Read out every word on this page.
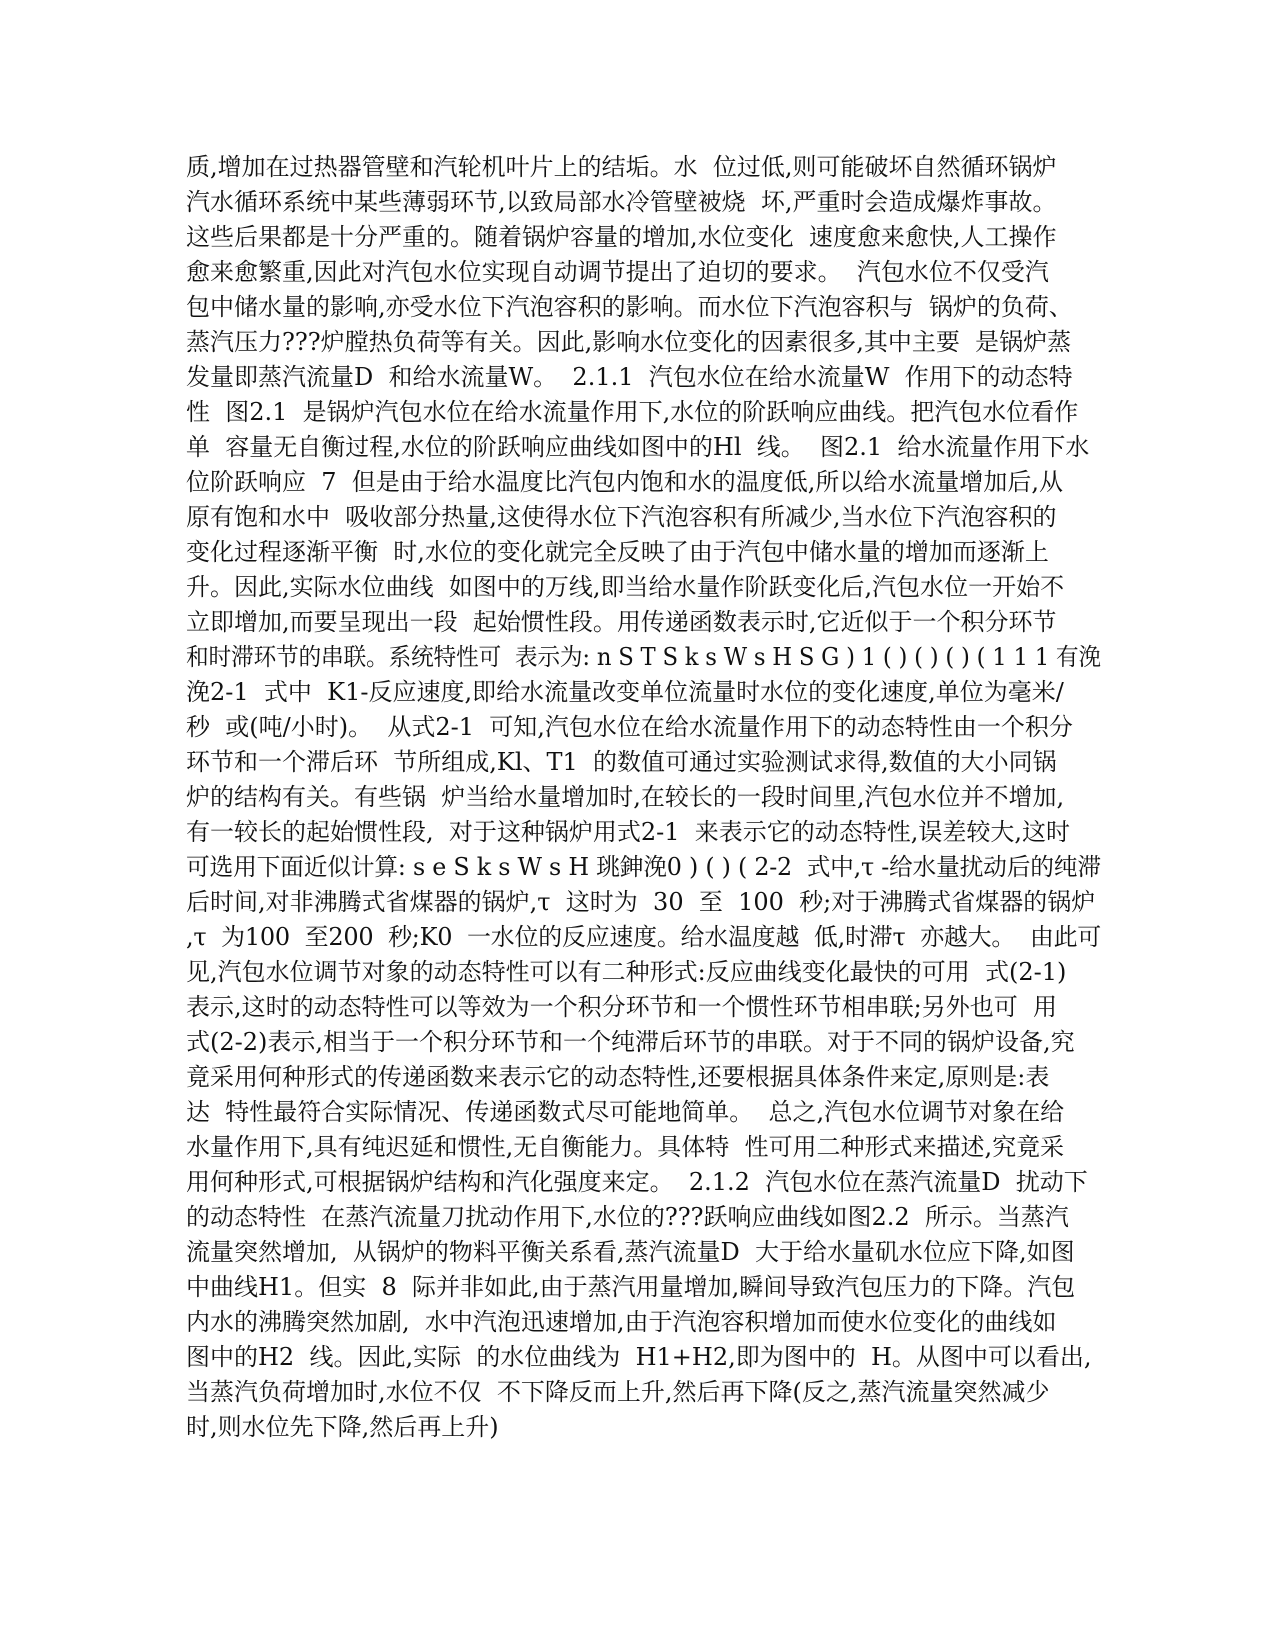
质,增加在过热器管壁和汽轮机叶片上的结垢。水  位过低,则可能破坏自然循环锅炉
汽水循环系统中某些薄弱环节,以致局部水冷管壁被烧  坏,严重时会造成爆炸事故。
这些后果都是十分严重的。随着锅炉容量的增加,水位变化  速度愈来愈快,人工操作
愈来愈繁重,因此对汽包水位实现自动调节提出了迫切的要求。  汽包水位不仅受汽
包中储水量的影响,亦受水位下汽泡容积的影响。而水位下汽泡容积与  锅炉的负荷、
蒸汽压力???炉膛热负荷等有关。因此,影响水位变化的因素很多,其中主要  是锅炉蒸
发量即蒸汽流量D  和给水流量W。  2.1.1  汽包水位在给水流量W  作用下的动态特
性  图2.1  是锅炉汽包水位在给水流量作用下,水位的阶跃响应曲线。把汽包水位看作
单  容量无自衡过程,水位的阶跃响应曲线如图中的Hl  线。  图2.1  给水流量作用下水
位阶跃响应  7  但是由于给水温度比汽包内饱和水的温度低,所以给水流量增加后,从
原有饱和水中  吸收部分热量,这使得水位下汽泡容积有所减少,当水位下汽泡容积的
变化过程逐渐平衡  时,水位的变化就完全反映了由于汽包中储水量的增加而逐渐上
升。因此,实际水位曲线  如图中的万线,即当给水量作阶跃变化后,汽包水位一开始不
立即增加,而要呈现出一段  起始惯性段。用传递函数表示时,它近似于一个积分环节
和时滞环节的串联。系统特性可  表示为: n S T S k s W s H S G ) 1 ( ) ( ) ( ) ( 1 1 1 有浼
浼2-1  式中  K1-反应速度,即给水流量改变单位流量时水位的变化速度,单位为毫米/
秒  或(吨/小时)。  从式2-1  可知,汽包水位在给水流量作用下的动态特性由一个积分
环节和一个滞后环  节所组成,Kl、T1  的数值可通过实验测试求得,数值的大小同锅
炉的结构有关。有些锅  炉当给水量增加时,在较长的一段时间里,汽包水位并不增加,
有一较长的起始惯性段,  对于这种锅炉用式2-1  来表示它的动态特性,误差较大,这时
可选用下面近似计算: s e S k s W s H 珧鉮浼0 ) ( ) ( 2-2  式中,τ -给水量扰动后的纯滞
后时间,对非沸腾式省煤器的锅炉,τ  这时为  30  至  100  秒;对于沸腾式省煤器的锅炉
,τ  为100  至200  秒;K0  一水位的反应速度。给水温度越  低,时滞τ  亦越大。  由此可
见,汽包水位调节对象的动态特性可以有二种形式:反应曲线变化最快的可用  式(2-1)
表示,这时的动态特性可以等效为一个积分环节和一个惯性环节相串联;另外也可  用
式(2-2)表示,相当于一个积分环节和一个纯滞后环节的串联。对于不同的锅炉设备,究
竟采用何种形式的传递函数来表示它的动态特性,还要根据具体条件来定,原则是:表
达  特性最符合实际情况、传递函数式尽可能地简单。  总之,汽包水位调节对象在给
水量作用下,具有纯迟延和惯性,无自衡能力。具体特  性可用二种形式来描述,究竟采
用何种形式,可根据锅炉结构和汽化强度来定。  2.1.2  汽包水位在蒸汽流量D  扰动下
的动态特性  在蒸汽流量刀扰动作用下,水位的???跃响应曲线如图2.2  所示。当蒸汽
流量突然增加,  从锅炉的物料平衡关系看,蒸汽流量D  大于给水量矶水位应下降,如图
中曲线H1。但实  8  际并非如此,由于蒸汽用量增加,瞬间导致汽包压力的下降。汽包
内水的沸腾突然加剧,  水中汽泡迅速增加,由于汽泡容积增加而使水位变化的曲线如
图中的H2  线。因此,实际  的水位曲线为  H1+H2,即为图中的  H。从图中可以看出,
当蒸汽负荷增加时,水位不仅  不下降反而上升,然后再下降(反之,蒸汽流量突然减少
时,则水位先下降,然后再上升)
